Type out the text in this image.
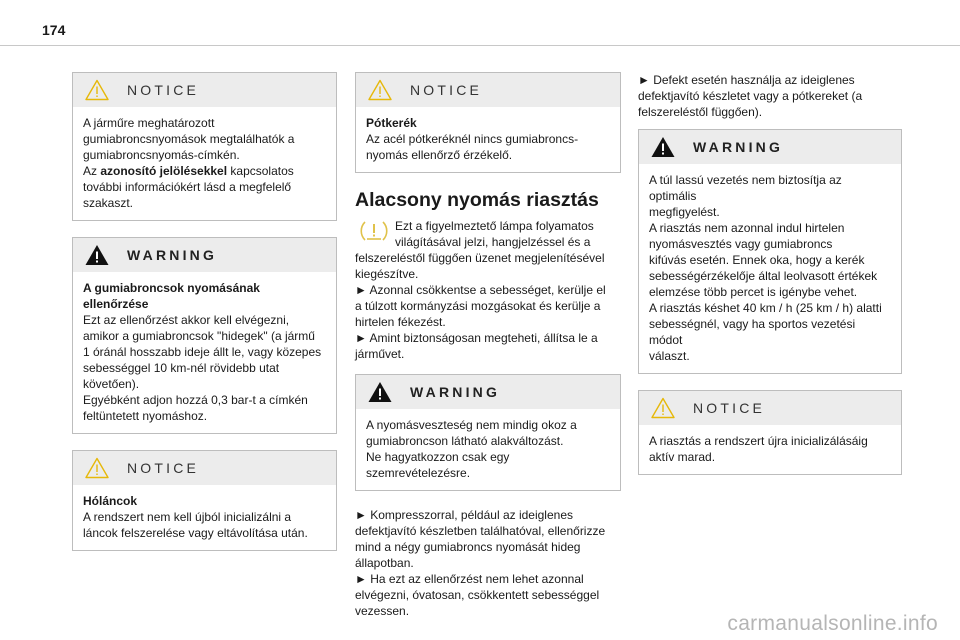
174
NOTICE

A járműre meghatározott

gumiabroncsnyomások megtalálhatók a

gumiabroncsnyomás-címkén.

Az azonosító jelölésekkel kapcsolatos

további információkért lásd a megfelelő

szakaszt.

WARNING

A gumiabroncsok nyomásának

ellenőrzése

Ezt az ellenőrzést akkor kell elvégezni,

amikor a gumiabroncsok "hidegek" (a jármű

1 óránál hosszabb ideje állt le, vagy közepes

sebességgel 10 km-nél rövidebb utat

követően).

Egyébként adjon hozzá 0,3 bar-t a címkén

feltüntetett nyomáshoz.

NOTICE

Hóláncok

A rendszert nem kell újból inicializálni a

láncok felszerelése vagy eltávolítása után.

NOTICE

Pótkerék

Az acél pótkeréknél nincs gumiabroncs-

nyomás ellenőrző érzékelő.

Alacsony nyomás riasztás

Ezt a figyelmeztető lámpa folyamatos

világításával jelzi, hangjelzéssel és a

felszereléstől függően üzenet megjelenítésével

kiegészítve.

► Azonnal csökkentse a sebességet, kerülje el

a túlzott kormányzási mozgásokat és kerülje a

hirtelen fékezést.

► Amint biztonságosan megteheti, állítsa le a

járművet.

WARNING

A nyomásveszteség nem mindig okoz a

gumiabroncson látható alakváltozást.

Ne hagyatkozzon csak egy

szemrevételezésre.

► Kompresszorral, például az ideiglenes

defektjavító készletben találhatóval, ellenőrizze

mind a négy gumiabroncs nyomását hideg

állapotban.

► Ha ezt az ellenőrzést nem lehet azonnal

elvégezni, óvatosan, csökkentett sebességgel

vezessen.

► Defekt esetén használja az ideiglenes

defektjavító készletet vagy a pótkereket (a

felszereléstől függően).

WARNING

A túl lassú vezetés nem biztosítja az optimális

megfigyelést.

A riasztás nem azonnal indul hirtelen

nyomásvesztés vagy gumiabroncs

kifúvás esetén. Ennek oka, hogy a kerék

sebességérzékelője által leolvasott értékek

elemzése több percet is igénybe vehet.

A riasztás késhet 40 km / h (25 km / h) alatti

sebességnél, vagy ha sportos vezetési módot

választ.

NOTICE

A riasztás a rendszert újra inicializálásáig

aktív marad.

carmanualsonline.info
